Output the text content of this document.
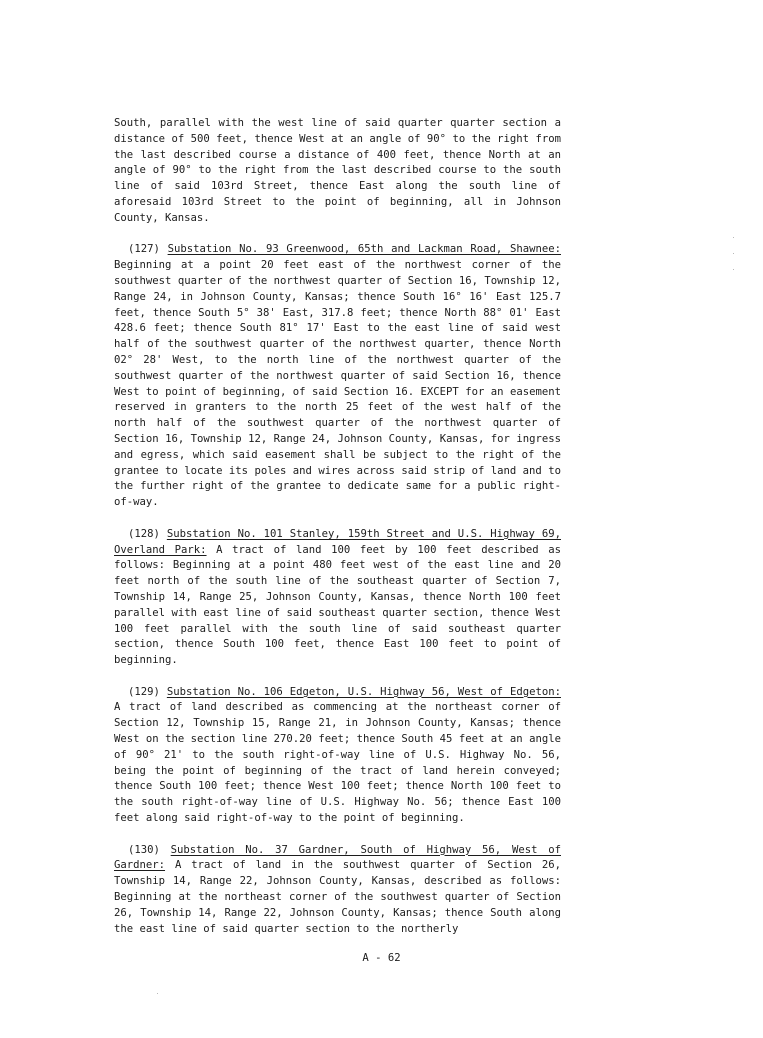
South, parallel with the west line of said quarter quarter section a distance of 500 feet, thence West at an angle of 90° to the right from the last described course a distance of 400 feet, thence North at an angle of 90° to the right from the last described course to the south line of said 103rd Street, thence East along the south line of aforesaid 103rd Street to the point of beginning, all in Johnson County, Kansas.

(127) Substation No. 93 Greenwood, 65th and Lackman Road, Shawnee: Beginning at a point 20 feet east of the northwest corner of the southwest quarter of the northwest quarter of Section 16, Township 12, Range 24, in Johnson County, Kansas; thence South 16° 16' East 125.7 feet, thence South 5° 38' East, 317.8 feet; thence North 88° 01' East 428.6 feet; thence South 81° 17' East to the east line of said west half of the southwest quarter of the northwest quarter, thence North 02° 28' West, to the north line of the northwest quarter of the southwest quarter of the northwest quarter of said Section 16, thence West to point of beginning, of said Section 16. EXCEPT for an easement reserved in granters to the north 25 feet of the west half of the north half of the southwest quarter of the northwest quarter of Section 16, Township 12, Range 24, Johnson County, Kansas, for ingress and egress, which said easement shall be subject to the right of the grantee to locate its poles and wires across said strip of land and to the further right of the grantee to dedicate same for a public right-of-way.

(128) Substation No. 101 Stanley, 159th Street and U.S. Highway 69, Overland Park: A tract of land 100 feet by 100 feet described as follows: Beginning at a point 480 feet west of the east line and 20 feet north of the south line of the southeast quarter of Section 7, Township 14, Range 25, Johnson County, Kansas, thence North 100 feet parallel with east line of said southeast quarter section, thence West 100 feet parallel with the south line of said southeast quarter section, thence South 100 feet, thence East 100 feet to point of beginning.

(129) Substation No. 106 Edgeton, U.S. Highway 56, West of Edgeton: A tract of land described as commencing at the northeast corner of Section 12, Township 15, Range 21, in Johnson County, Kansas; thence West on the section line 270.20 feet; thence South 45 feet at an angle of 90° 21' to the south right-of-way line of U.S. Highway No. 56, being the point of beginning of the tract of land herein conveyed; thence South 100 feet; thence West 100 feet; thence North 100 feet to the south right-of-way line of U.S. Highway No. 56; thence East 100 feet along said right-of-way to the point of beginning.

(130) Substation No. 37 Gardner, South of Highway 56, West of Gardner: A tract of land in the southwest quarter of Section 26, Township 14, Range 22, Johnson County, Kansas, described as follows: Beginning at the northeast corner of the southwest quarter of Section 26, Township 14, Range 22, Johnson County, Kansas; thence South along the east line of said quarter section to the northerly

A - 62
